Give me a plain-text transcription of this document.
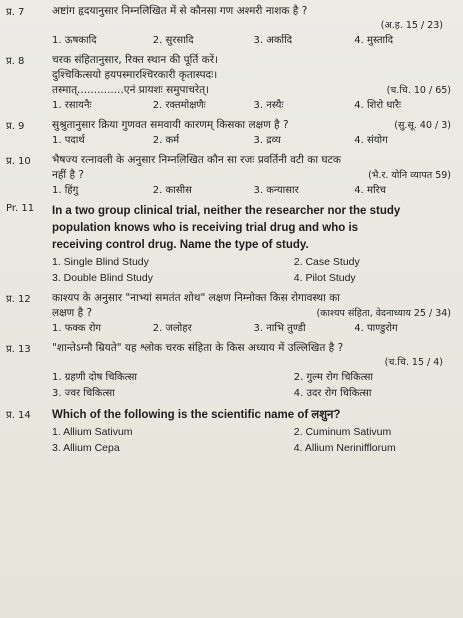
प्र. 7	अष्टांग हृदयानुसार निम्नलिखित में से कौनसा गण अश्मरी नाशक है ?
(अ.ह. 15 / 23)
1. ऊषकादि	2. सुरसादि	3. अर्कादि	4. मुस्तादि
प्र. 8	चरक संहितानुसार, रिक्त स्थान की पूर्ति करें।
दुश्चिकित्सयो हयपस्मारश्चिरकारी कृतास्पदः।
तस्मात्..............एनं प्रायशः समुपाचरेत्।	(च.चि. 10 / 65)
1. रसायनैः	2. रक्तमोक्षणैः	3. नस्यैः	4. शिरो धारैः
प्र. 9	सुश्रुतानुसार क्रिया गुणवत समवायी कारणम् किसका लक्षण है ?	(सु.सू. 40 / 3)
1. पदार्थ	2. कर्म	3. द्रव्य	4. संयोग
प्र. 10 भैषज्य रत्नावली के अनुसार निम्नलिखित कौन सा रजः प्रवर्तिनी वटी का घटक
नहीं है ?	(भै.र. योनि व्यापत 59)
1. हिंगु	2. कासीस	3. कन्यासार	4. मरिच
Pr. 11 In a two group clinical trial, neither the researcher nor the study
population knows who is receiving trial drug and who is
receiving control drug. Name the type of study.
1. Single Blind Study	2. Case Study
3. Double Blind Study	4. Pilot Study
प्र. 12 काश्यप के अनुसार "नाभ्यां समतंत शोथ" लक्षण निम्नोक्त किस रोगावस्था का
लक्षण है ?	(काश्यप संहिता, वेदनाध्याय 25 / 34)
1. फक्क रोग	2. जलोहर	3. नाभि तुण्डी	4. पाण्डुरोग
प्र. 13 "शान्तेऽग्नौ म्रियते" यह श्लोक चरक संहिता के किस अध्याय में उल्लिखित है ?
(च.चि. 15 / 4)
1. ग्रहणी दोष चिकित्सा	2. गुल्म रोग चिकित्सा
3. ज्वर चिकित्सा	4. उदर रोग चिकित्सा
प्र. 14 Which of the following is the scientific name of लशुन?
1. Allium Sativum	2. Cuminum Sativum
3. Allium Cepa	4. Allium Nerinifflorum
